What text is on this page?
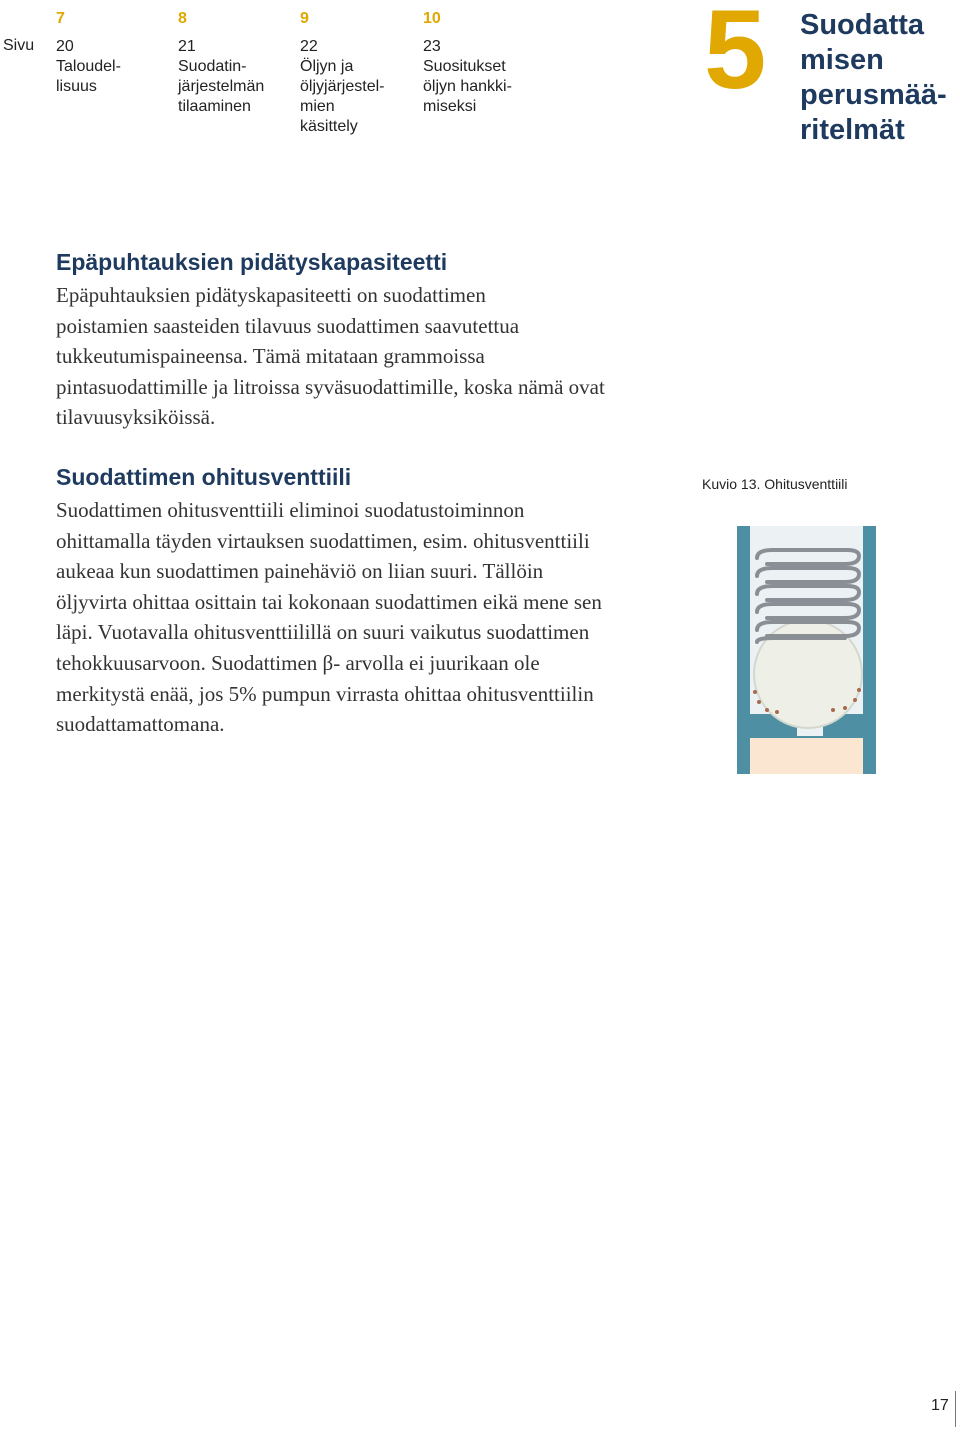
Sivu
7
20
Taloudel-
lisuus
8
21
Suodatin-
järjestelmän
tilaaminen
9
22
Öljyn ja
öljyjärjestel-
mien
käsittely
10
23
Suositukset
öljyn hankki-
miseksi	5 Suodatta
misen
perusmää-
ritelmät
Epäpuhtauksien pidätyskapasiteetti

Epäpuhtauksien pidätyskapasiteetti on suodattimen
poistamien saasteiden tilavuus suodattimen saavutettua
tukkeutumispaineensa. Tämä mitataan grammoissa
pintasuodattimille ja litroissa syväsuodattimille, koska nämä ovat
tilavuusyksiköissä.

Suodattimen ohitusventtiili

Suodattimen ohitusventtiili eliminoi suodatustoiminnon
ohittamalla täyden virtauksen suodattimen, esim. ohitusventtiili
aukeaa kun suodattimen painehäviö on liian suuri. Tällöin
öljyvirta ohittaa osittain tai kokonaan suodattimen eikä mene sen
läpi. Vuotavalla ohitusventtiilillä on suuri vaikutus suodattimen
tehokkuusarvoon. Suodattimen β- arvolla ei juurikaan ole
merkitystä enää, jos 5% pumpun virrasta ohittaa ohitusventtiilin
suodattamattomana.

Kuvio 13. Ohitusventtiili
17
